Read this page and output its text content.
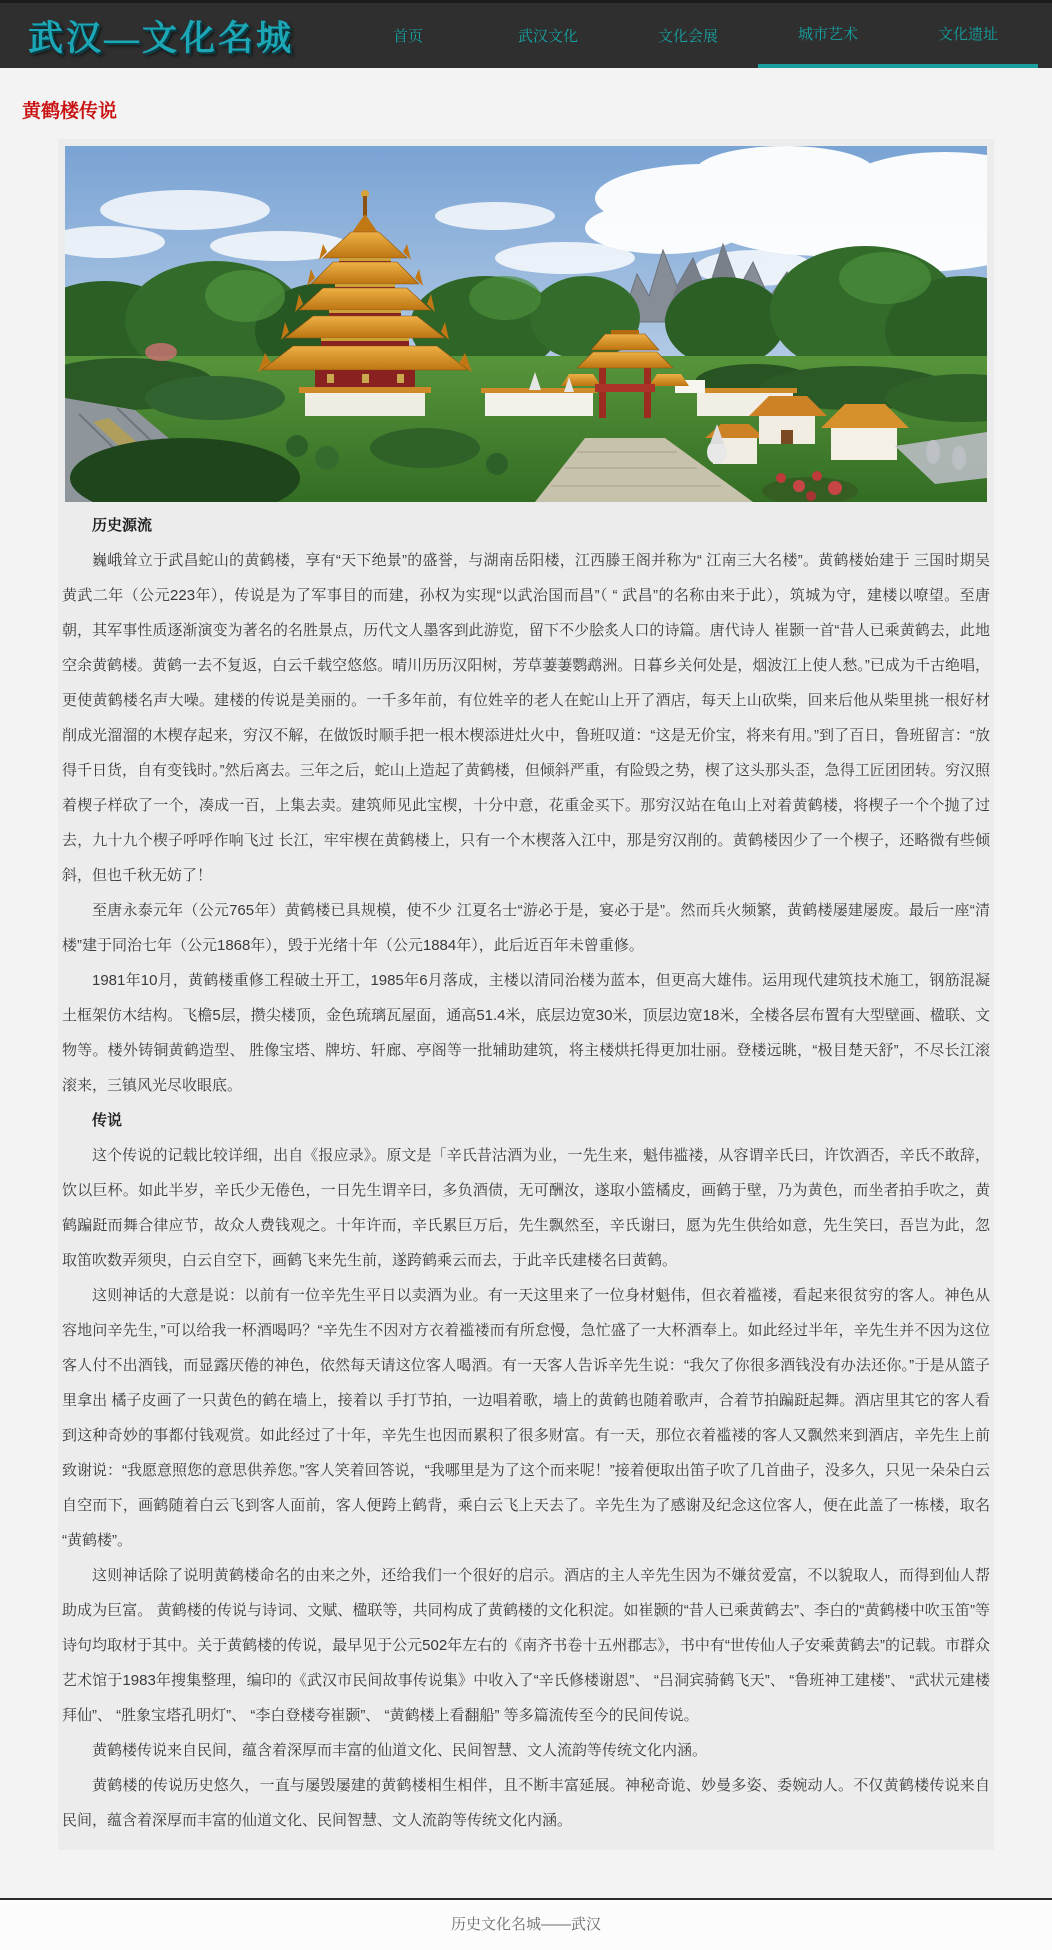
武汉—文化名城	首页	武汉文化	文化会展	城市艺术	文化遗址
黄鹤楼传说
历史源流

巍峨耸立于武昌蛇山的黄鹤楼，享有“天下绝景”的盛誉，与湖南岳阳楼，江西滕王阁并称为“ 江南三大名楼”。黄鹤楼始建于 三国时期吴黄武二年（公元223年），传说是为了军事目的而建，孙权为实现“以武治国而昌”（ “ 武昌”的名称由来于此），筑城为守，建楼以嘹望。至唐朝，其军事性质逐渐演变为著名的名胜景点，历代文人墨客到此游览，留下不少脍炙人口的诗篇。唐代诗人 崔颢一首“昔人已乘黄鹤去，此地空余黄鹤楼。黄鹤一去不复返，白云千载空悠悠。晴川历历汉阳树，芳草萋萋鹦鹉洲。日暮乡关何处是，烟波江上使人愁。”已成为千古绝唱，更使黄鹤楼名声大噪。建楼的传说是美丽的。一千多年前，有位姓辛的老人在蛇山上开了酒店，每天上山砍柴，回来后他从柴里挑一根好材削成光溜溜的木楔存起来，穷汉不解，在做饭时顺手把一根木楔添进灶火中，鲁班叹道：“这是无价宝，将来有用。”到了百日，鲁班留言：“放得千日货，自有变钱时。”然后离去。三年之后，蛇山上造起了黄鹤楼，但倾斜严重，有险毁之势，楔了这头那头歪，急得工匠团团转。穷汉照着楔子样砍了一个，凑成一百，上集去卖。建筑师见此宝楔，十分中意，花重金买下。那穷汉站在龟山上对着黄鹤楼，将楔子一个个抛了过去，九十九个楔子呼呼作响飞过 长江，牢牢楔在黄鹤楼上，只有一个木楔落入江中，那是穷汉削的。黄鹤楼因少了一个楔子，还略微有些倾斜，但也千秋无妨了！

至唐永泰元年（公元765年）黄鹤楼已具规模，使不少 江夏名士“游必于是，宴必于是”。然而兵火频繁，黄鹤楼屡建屡废。最后一座“清楼”建于同治七年（公元1868年），毁于光绪十年（公元1884年），此后近百年未曾重修。

1981年10月，黄鹤楼重修工程破土开工，1985年6月落成，主楼以清同治楼为蓝本，但更高大雄伟。运用现代建筑技术施工，钢筋混凝土框架仿木结构。飞檐5层，攒尖楼顶，金色琉璃瓦屋面，通高51.4米，底层边宽30米，顶层边宽18米，全楼各层布置有大型壁画、楹联、文物等。楼外铸铜黄鹤造型、 胜像宝塔、牌坊、轩廊、亭阁等一批辅助建筑，将主楼烘托得更加壮丽。登楼远眺，“极目楚天舒”，不尽长江滚滚来，三镇风光尽收眼底。

传说

这个传说的记载比较详细，出自《报应录》。原文是「辛氏昔沽酒为业，一先生来，魁伟褴褛，从容谓辛氏曰，许饮酒否，辛氏不敢辞，饮以巨杯。如此半岁，辛氏少无倦色，一日先生谓辛曰，多负酒债，无可酬汝，遂取小篮橘皮，画鹤于壁，乃为黄色，而坐者拍手吹之，黄鹤蹁跹而舞合律应节，故众人费钱观之。十年许而，辛氏累巨万后，先生飘然至，辛氏谢曰，愿为先生供给如意，先生笑曰，吾岂为此，忽取笛吹数弄须臾，白云自空下，画鹤飞来先生前，遂跨鹤乘云而去，于此辛氏建楼名曰黄鹤。

这则神话的大意是说：以前有一位辛先生平日以卖酒为业。有一天这里来了一位身材魁伟，但衣着褴褛，看起来很贫穷的客人。神色从容地问辛先生，”可以给我一杯酒喝吗？“辛先生不因对方衣着褴褛而有所怠慢，急忙盛了一大杯酒奉上。如此经过半年，辛先生并不因为这位客人付不出酒钱，而显露厌倦的神色，依然每天请这位客人喝酒。有一天客人告诉辛先生说：“我欠了你很多酒钱没有办法还你。”于是从篮子里拿出 橘子皮画了一只黄色的鹤在墙上，接着以 手打节拍，一边唱着歌，墙上的黄鹤也随着歌声，合着节拍蹁跹起舞。酒店里其它的客人看到这种奇妙的事都付钱观赏。如此经过了十年，辛先生也因而累积了很多财富。有一天，那位衣着褴褛的客人又飘然来到酒店，辛先生上前致谢说：“我愿意照您的意思供养您。”客人笑着回答说，“我哪里是为了这个而来呢！”接着便取出笛子吹了几首曲子，没多久，只见一朵朵白云自空而下，画鹤随着白云飞到客人面前，客人便跨上鹤背，乘白云飞上天去了。辛先生为了感谢及纪念这位客人，便在此盖了一栋楼，取名“黄鹤楼”。

这则神话除了说明黄鹤楼命名的由来之外，还给我们一个很好的启示。酒店的主人辛先生因为不嫌贫爱富，不以貌取人，而得到仙人帮助成为巨富。 黄鹤楼的传说与诗词、文赋、楹联等，共同构成了黄鹤楼的文化积淀。如崔颢的“昔人已乘黄鹤去”、李白的“黄鹤楼中吹玉笛”等诗句均取材于其中。关于黄鹤楼的传说，最早见于公元502年左右的《南齐书卷十五州郡志》，书中有“世传仙人子安乘黄鹤去”的记载。市群众艺术馆于1983年搜集整理，编印的《武汉市民间故事传说集》中收入了“辛氏修楼谢恩”、 “吕洞宾骑鹤飞天”、 “鲁班神工建楼”、 “武状元建楼拜仙”、 “胜象宝塔孔明灯”、 “李白登楼夸崔颢”、 “黄鹤楼上看翻船” 等多篇流传至今的民间传说。

黄鹤楼传说来自民间，蕴含着深厚而丰富的仙道文化、民间智慧、文人流韵等传统文化内涵。

黄鹤楼的传说历史悠久，一直与屡毁屡建的黄鹤楼相生相伴，且不断丰富延展。神秘奇诡、妙曼多姿、委婉动人。不仅黄鹤楼传说来自民间，蕴含着深厚而丰富的仙道文化、民间智慧、文人流韵等传统文化内涵。

历史文化名城——武汉
